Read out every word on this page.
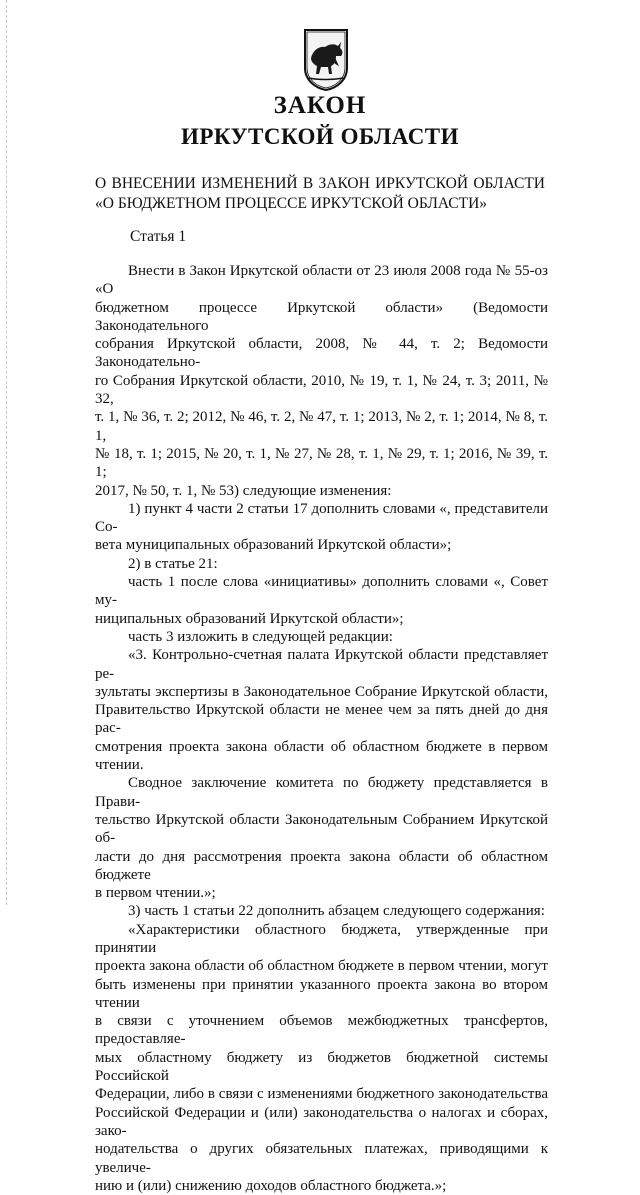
ЗАКОН
ИРКУТСКОЙ ОБЛАСТИ
О ВНЕСЕНИИ ИЗМЕНЕНИЙ В ЗАКОН ИРКУТСКОЙ ОБЛАСТИ «О БЮДЖЕТНОМ ПРОЦЕССЕ ИРКУТСКОЙ ОБЛАСТИ»
Статья 1

Внести в Закон Иркутской области от 23 июля 2008 года № 55-оз «О

бюджетном процессе Иркутской области» (Ведомости Законодательного

собрания Иркутской области, 2008, № 44, т. 2; Ведомости Законодательно-

го Собрания Иркутской области, 2010, № 19, т. 1, № 24, т. 3; 2011, № 32,

т. 1, № 36, т. 2; 2012, № 46, т. 2, № 47, т. 1; 2013, № 2, т. 1; 2014, № 8, т. 1,

№ 18, т. 1; 2015, № 20, т. 1, № 27, № 28, т. 1, № 29, т. 1; 2016, № 39, т. 1;

2017, № 50, т. 1, № 53) следующие изменения:

1) пункт 4 части 2 статьи 17 дополнить словами «, представители Со-

вета муниципальных образований Иркутской области»;

2) в статье 21:

часть 1 после слова «инициативы» дополнить словами «, Совет му-

ниципальных образований Иркутской области»;

часть 3 изложить в следующей редакции:

«3. Контрольно-счетная палата Иркутской области представляет ре-

зультаты экспертизы в Законодательное Собрание Иркутской области,

Правительство Иркутской области не менее чем за пять дней до дня рас-

смотрения проекта закона области об областном бюджете в первом чтении.

Сводное заключение комитета по бюджету представляется в Прави-

тельство Иркутской области Законодательным Собранием Иркутской об-

ласти до дня рассмотрения проекта закона области об областном бюджете

в первом чтении.»;

3) часть 1 статьи 22 дополнить абзацем следующего содержания:

«Характеристики областного бюджета, утвержденные при принятии

проекта закона области об областном бюджете в первом чтении, могут

быть изменены при принятии указанного проекта закона во втором чтении

в связи с уточнением объемов межбюджетных трансфертов, предоставляе-

мых областному бюджету из бюджетов бюджетной системы Российской

Федерации, либо в связи с изменениями бюджетного законодательства

Российской Федерации и (или) законодательства о налогах и сборах, зако-

нодательства о других обязательных платежах, приводящими к увеличе-

нию и (или) снижению доходов областного бюджета.»;
